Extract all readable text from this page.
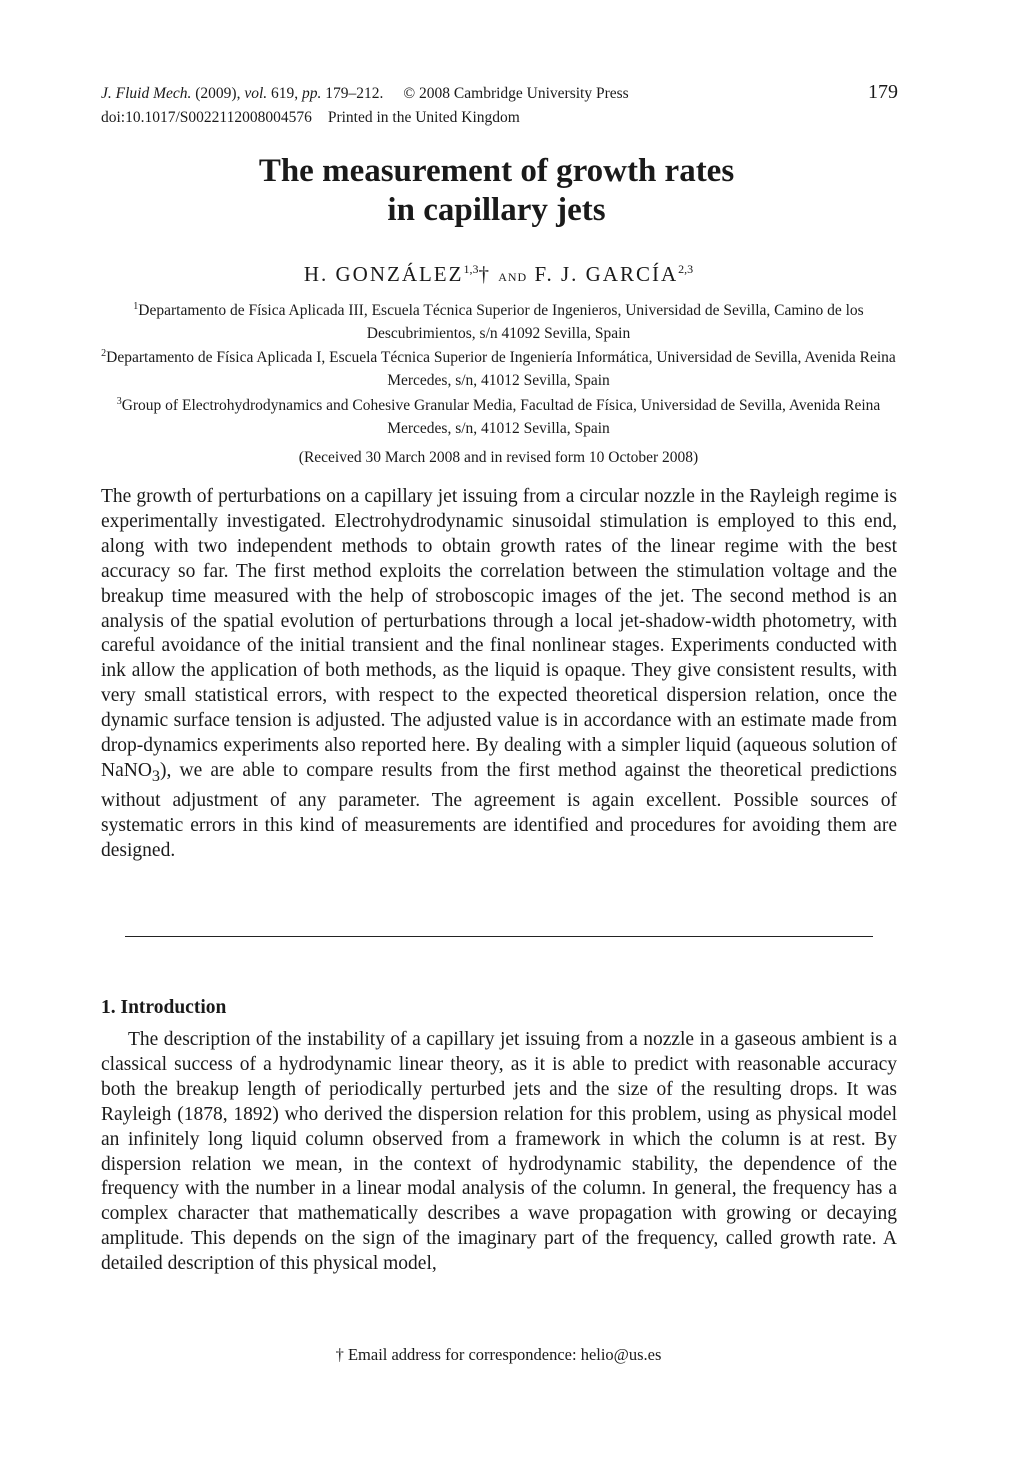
J. Fluid Mech. (2009), vol. 619, pp. 179–212. © 2008 Cambridge University Press
doi:10.1017/S0022112008004576 Printed in the United Kingdom
179
The measurement of growth rates
in capillary jets
H. GONZÁLEZ$^{1,3}$† and F. J. GARCÍA$^{2,3}$
$^1$Departamento de Física Aplicada III, Escuela Técnica Superior de Ingenieros, Universidad de Sevilla, Camino de los Descubrimientos, s/n 41092 Sevilla, Spain
$^2$Departamento de Física Aplicada I, Escuela Técnica Superior de Ingeniería Informática, Universidad de Sevilla, Avenida Reina Mercedes, s/n, 41012 Sevilla, Spain
$^3$Group of Electrohydrodynamics and Cohesive Granular Media, Facultad de Física, Universidad de Sevilla, Avenida Reina Mercedes, s/n, 41012 Sevilla, Spain
(Received 30 March 2008 and in revised form 10 October 2008)

The growth of perturbations on a capillary jet issuing from a circular nozzle in the Rayleigh regime is experimentally investigated. Electrohydrodynamic sinusoidal stimulation is employed to this end, along with two independent methods to obtain growth rates of the linear regime with the best accuracy so far. The first method exploits the correlation between the stimulation voltage and the breakup time measured with the help of stroboscopic images of the jet. The second method is an analysis of the spatial evolution of perturbations through a local jet-shadow-width photometry, with careful avoidance of the initial transient and the final nonlinear stages. Experiments conducted with ink allow the application of both methods, as the liquid is opaque. They give consistent results, with very small statistical errors, with respect to the expected theoretical dispersion relation, once the dynamic surface tension is adjusted. The adjusted value is in accordance with an estimate made from drop-dynamics experiments also reported here. By dealing with a simpler liquid (aqueous solution of NaNO$_3$), we are able to compare results from the first method against the theoretical predictions without adjustment of any parameter. The agreement is again excellent. Possible sources of systematic errors in this kind of measurements are identified and procedures for avoiding them are designed.

1. Introduction

The description of the instability of a capillary jet issuing from a nozzle in a gaseous ambient is a classical success of a hydrodynamic linear theory, as it is able to predict with reasonable accuracy both the breakup length of periodically perturbed jets and the size of the resulting drops. It was Rayleigh (1878, 1892) who derived the dispersion relation for this problem, using as physical model an infinitely long liquid column observed from a framework in which the column is at rest. By dispersion relation we mean, in the context of hydrodynamic stability, the dependence of the frequency with the number in a linear modal analysis of the column. In general, the frequency has a complex character that mathematically describes a wave propagation with growing or decaying amplitude. This depends on the sign of the imaginary part of the frequency, called growth rate. A detailed description of this physical model,

† Email address for correspondence: helio@us.es
